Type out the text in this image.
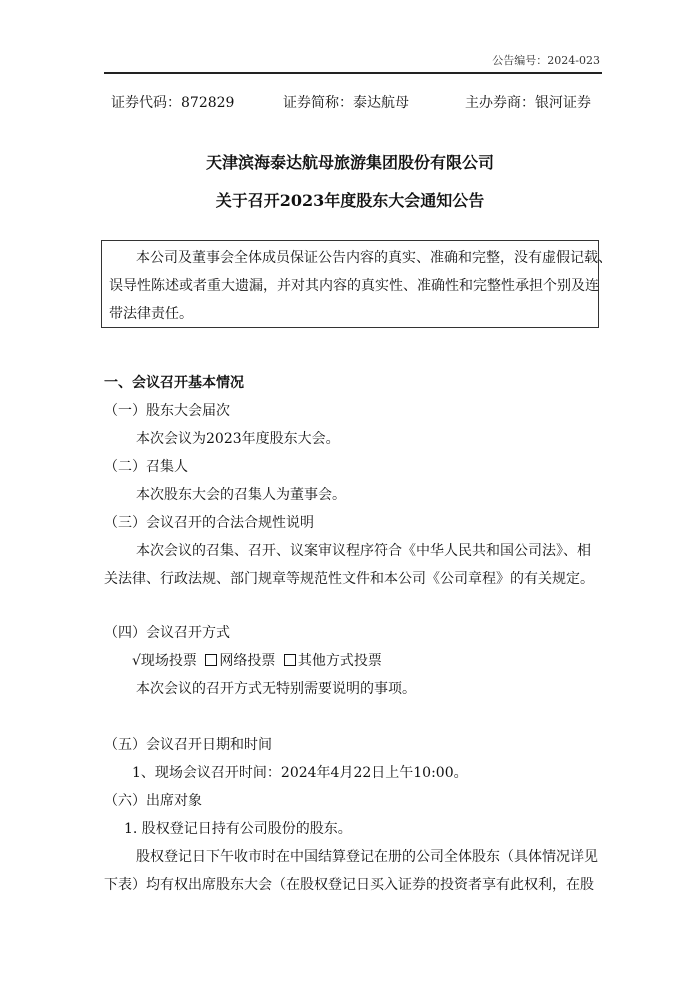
公告编号：2024-023
证券代码：872829	证券简称：泰达航母	主办券商：银河证券
天津滨海泰达航母旅游集团股份有限公司
关于召开2023年度股东大会通知公告
本公司及董事会全体成员保证公告内容的真实、准确和完整，没有虚假记载、
误导性陈述或者重大遗漏，并对其内容的真实性、准确性和完整性承担个别及连
带法律责任。
一、会议召开基本情况
（一）股东大会届次
本次会议为2023年度股东大会。
（二）召集人
本次股东大会的召集人为董事会。
（三）会议召开的合法合规性说明
本次会议的召集、召开、议案审议程序符合《中华人民共和国公司法》、相
关法律、行政法规、部门规章等规范性文件和本公司《公司章程》的有关规定。
（四）会议召开方式
√现场投票 网络投票 其他方式投票
本次会议的召开方式无特别需要说明的事项。
（五）会议召开日期和时间
1、现场会议召开时间：2024年4月22日上午10:00。
（六）出席对象
1. 股权登记日持有公司股份的股东。
股权登记日下午收市时在中国结算登记在册的公司全体股东（具体情况详见
下表）均有权出席股东大会（在股权登记日买入证券的投资者享有此权利，在股
